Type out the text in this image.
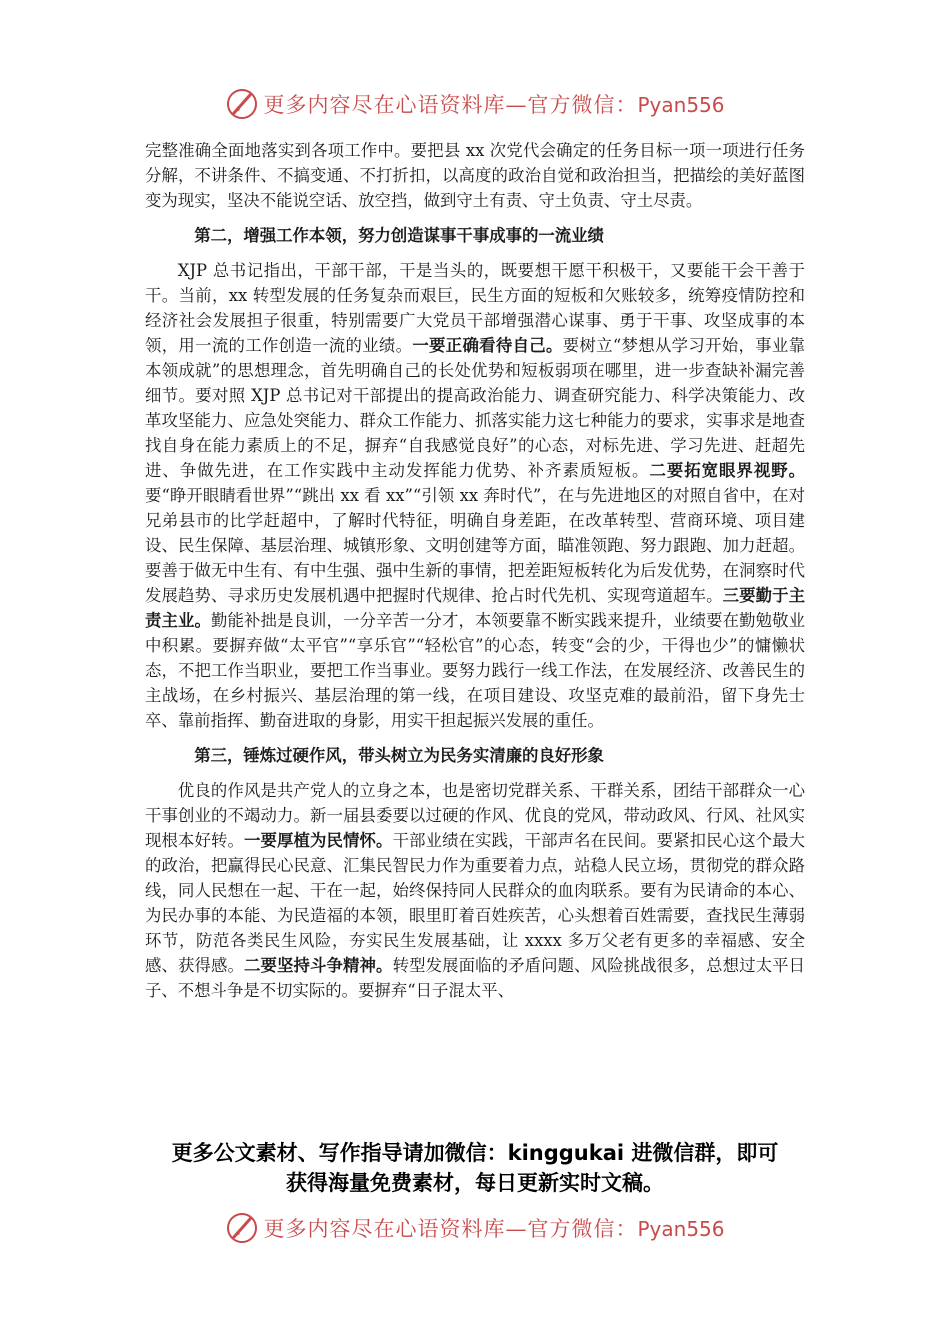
更多内容尽在心语资料库—官方微信：Pyan556

完整准确全面地落实到各项工作中。要把县 xx 次党代会确定的任务目标一项一项进行任务分解，不讲条件、不搞变通、不打折扣，以高度的政治自觉和政治担当，把描绘的美好蓝图变为现实，坚决不能说空话、放空挡，做到守土有责、守土负责、守土尽责。

第二，增强工作本领，努力创造谋事干事成事的一流业绩

XJP 总书记指出，干部干部，干是当头的，既要想干愿干积极干，又要能干会干善于干。当前，xx 转型发展的任务复杂而艰巨，民生方面的短板和欠账较多，统筹疫情防控和经济社会发展担子很重，特别需要广大党员干部增强潜心谋事、勇于干事、攻坚成事的本领，用一流的工作创造一流的业绩。一要正确看待自己。要树立“梦想从学习开始，事业靠本领成就”的思想理念，首先明确自己的长处优势和短板弱项在哪里，进一步查缺补漏完善细节。要对照 XJP 总书记对干部提出的提高政治能力、调查研究能力、科学决策能力、改革攻坚能力、应急处突能力、群众工作能力、抓落实能力这七种能力的要求，实事求是地查找自身在能力素质上的不足，摒弃“自我感觉良好”的心态，对标先进、学习先进、赶超先进、争做先进，在工作实践中主动发挥能力优势、补齐素质短板。二要拓宽眼界视野。要“睁开眼睛看世界”“跳出 xx 看 xx”“引领 xx 奔时代”，在与先进地区的对照自省中，在对兄弟县市的比学赶超中，了解时代特征，明确自身差距，在改革转型、营商环境、项目建设、民生保障、基层治理、城镇形象、文明创建等方面，瞄准领跑、努力跟跑、加力赶超。要善于做无中生有、有中生强、强中生新的事情，把差距短板转化为后发优势，在洞察时代发展趋势、寻求历史发展机遇中把握时代规律、抢占时代先机、实现弯道超车。三要勤于主责主业。勤能补拙是良训，一分辛苦一分才，本领要靠不断实践来提升，业绩要在勤勉敬业中积累。要摒弃做“太平官”“享乐官”“轻松官”的心态，转变“会的少，干得也少”的慵懒状态，不把工作当职业，要把工作当事业。要努力践行一线工作法，在发展经济、改善民生的主战场，在乡村振兴、基层治理的第一线，在项目建设、攻坚克难的最前沿，留下身先士卒、靠前指挥、勤奋进取的身影，用实干担起振兴发展的重任。

第三，锤炼过硬作风，带头树立为民务实清廉的良好形象

优良的作风是共产党人的立身之本，也是密切党群关系、干群关系，团结干部群众一心干事创业的不竭动力。新一届县委要以过硬的作风、优良的党风，带动政风、行风、社风实现根本好转。一要厚植为民情怀。干部业绩在实践，干部声名在民间。要紧扣民心这个最大的政治，把赢得民心民意、汇集民智民力作为重要着力点，站稳人民立场，贯彻党的群众路线，同人民想在一起、干在一起，始终保持同人民群众的血肉联系。要有为民请命的本心、为民办事的本能、为民造福的本领，眼里盯着百姓疾苦，心头想着百姓需要，查找民生薄弱环节，防范各类民生风险，夯实民生发展基础，让 xxxx 多万父老有更多的幸福感、安全感、获得感。二要坚持斗争精神。转型发展面临的矛盾问题、风险挑战很多，总想过太平日子、不想斗争是不切实际的。要摒弃“日子混太平、

更多公文素材、写作指导请加微信：kinggukai 进微信群，即可
获得海量免费素材，每日更新实时文稿。
更多内容尽在心语资料库—官方微信：Pyan556
